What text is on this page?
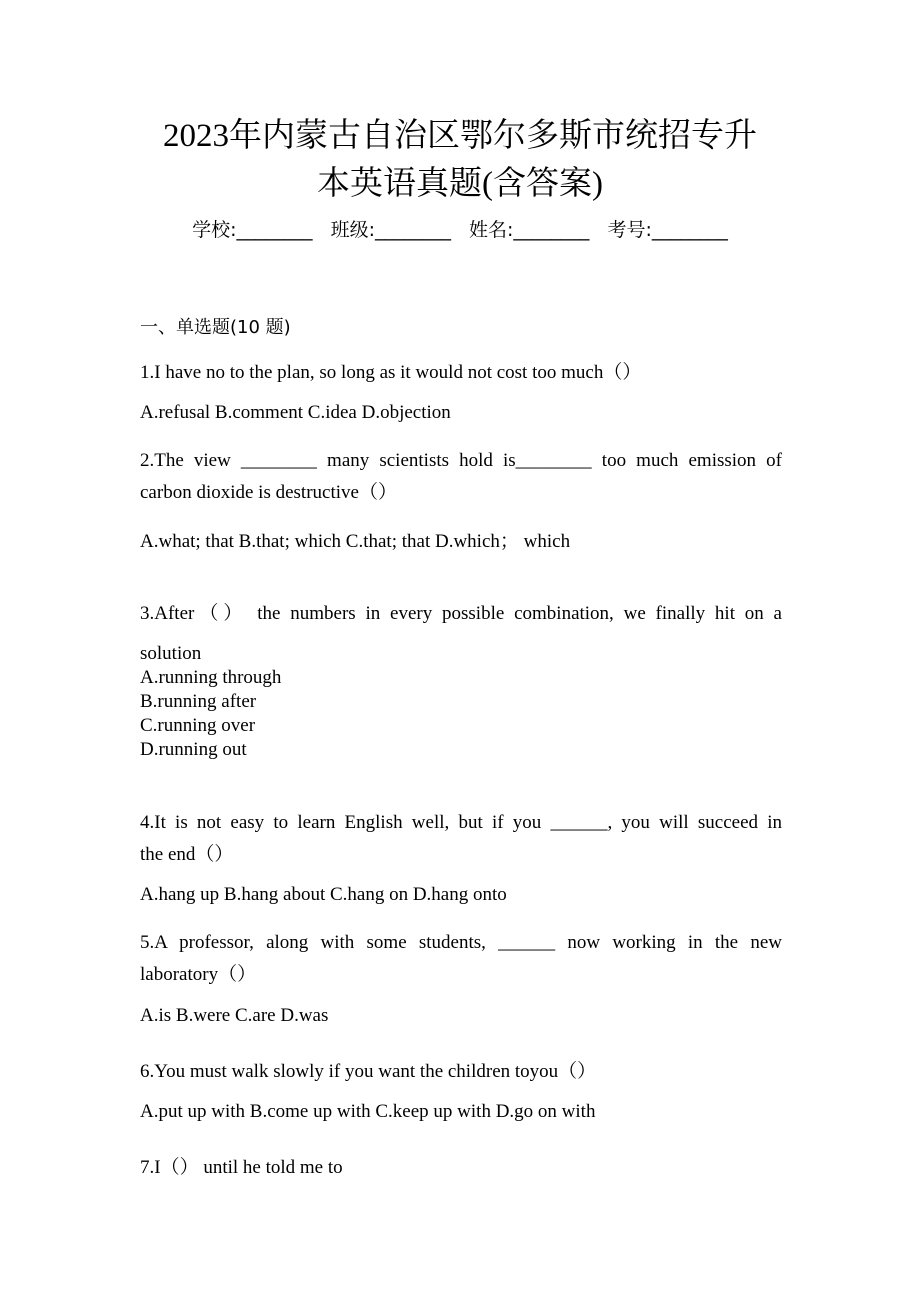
2023年内蒙古自治区鄂尔多斯市统招专升
本英语真题(含答案)
学校:________ 班级:________ 姓名:________ 考号:________
一、单选题(10 题)
1.I have no to the plan, so long as it would not cost too much（）
A.refusal B.comment C.idea D.objection
2.The view ________ many scientists hold is________ too much emission of
carbon dioxide is destructive（）
A.what; that B.that; which C.that; that D.which； which
3.After（） the numbers in every possible combination, we finally hit on a
solution
A.running through
B.running after
C.running over
D.running out
4.It is not easy to learn English well, but if you ______, you will succeed in
the end（）
A.hang up B.hang about C.hang on D.hang onto
5.A professor, along with some students, ______ now working in the new
laboratory（）
A.is B.were C.are D.was
6.You must walk slowly if you want the children toyou（）
A.put up with B.come up with C.keep up with D.go on with
7.I（） until he told me to
